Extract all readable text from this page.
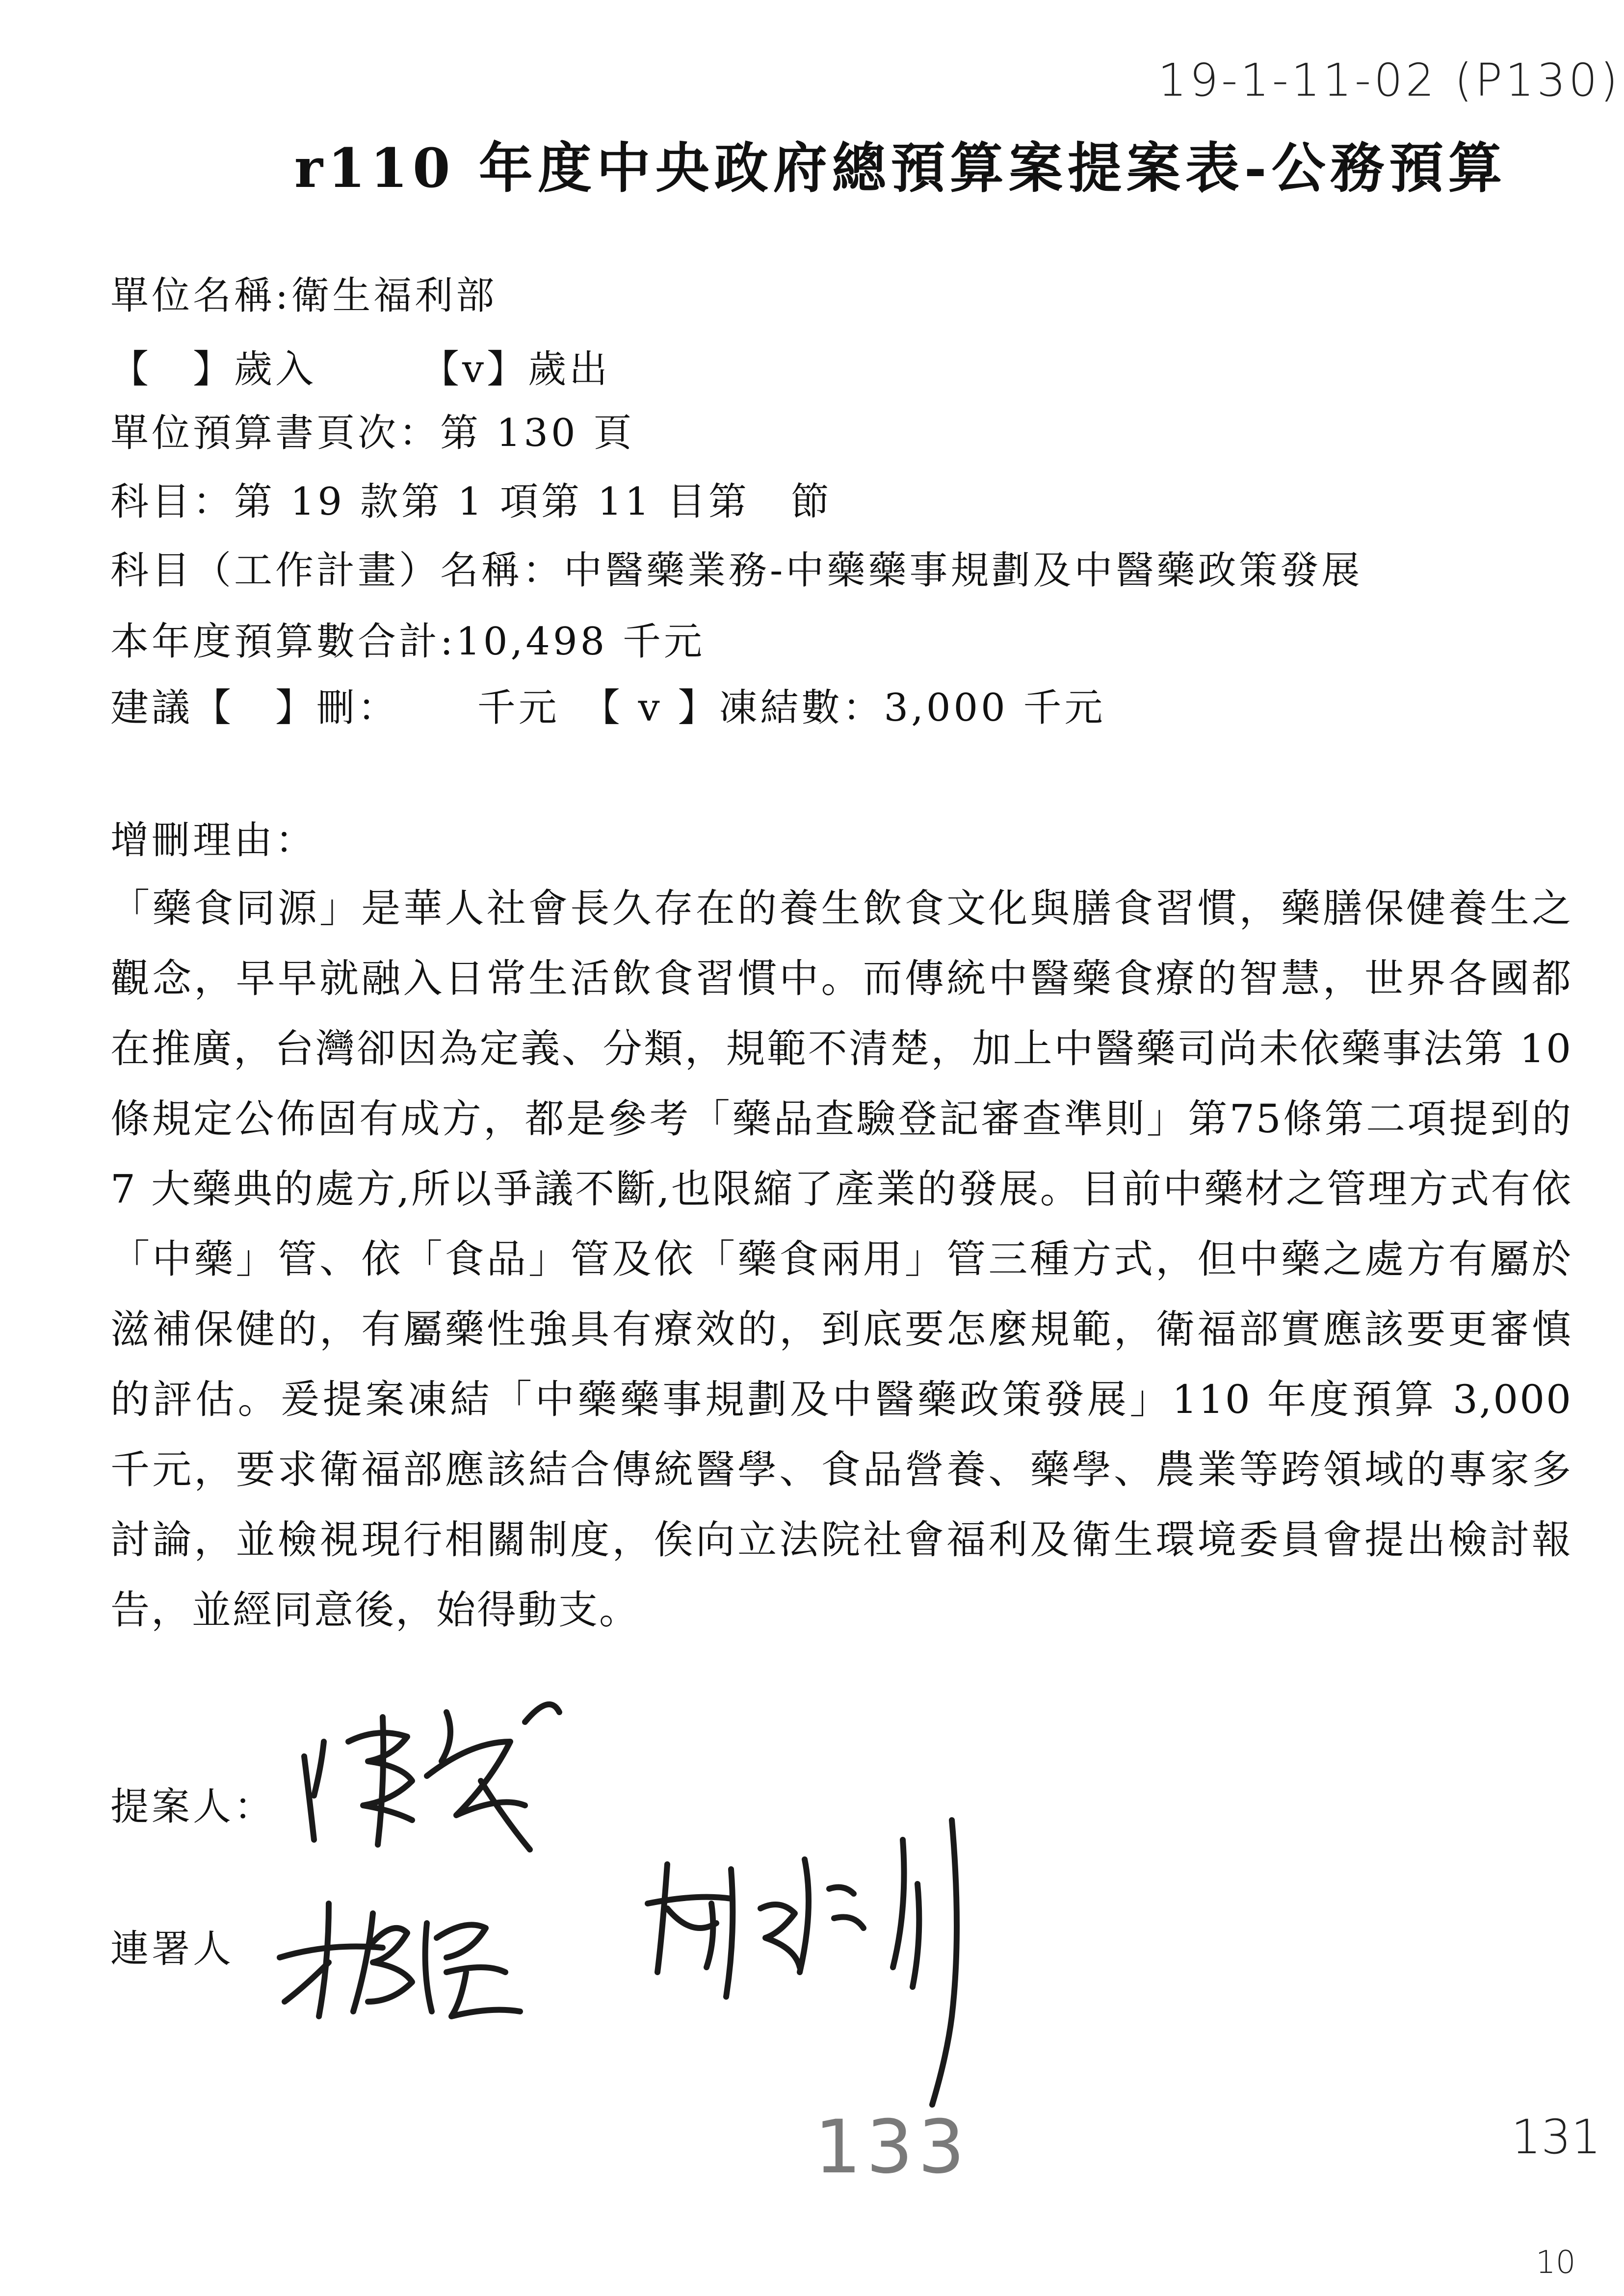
19-1-11-02 (P130)
r110 年度中央政府總預算案提案表-公務預算
單位名稱:衛生福利部
【　】歲入　　　【v】歲出
單位預算書頁次：第 130 頁
科目：第 19 款第 1 項第 11 目第　節
科目（工作計畫）名稱：中醫藥業務-中藥藥事規劃及中醫藥政策發展
本年度預算數合計:10,498 千元
建議【　】刪：　　 千元　【 v 】凍結數：3,000 千元
增刪理由：

「藥食同源」是華人社會長久存在的養生飲食文化與膳食習慣，藥膳保健養生之觀念，早早就融入日常生活飲食習慣中。而傳統中醫藥食療的智慧，世界各國都在推廣，台灣卻因為定義、分類，規範不清楚，加上中醫藥司尚未依藥事法第 10 條規定公佈固有成方，都是參考「藥品查驗登記審查準則」第75條第二項提到的 7 大藥典的處方,所以爭議不斷,也限縮了產業的發展。目前中藥材之管理方式有依「中藥」管、依「食品」管及依「藥食兩用」管三種方式，但中藥之處方有屬於滋補保健的，有屬藥性強具有療效的，到底要怎麼規範，衛福部實應該要更審慎的評估。爰提案凍結「中藥藥事規劃及中醫藥政策發展」110 年度預算 3,000 千元，要求衛福部應該結合傳統醫學、食品營養、藥學、農業等跨領域的專家多討論，並檢視現行相關制度，俟向立法院社會福利及衛生環境委員會提出檢討報告，並經同意後，始得動支。

提案人：
連署人
133	131
10
